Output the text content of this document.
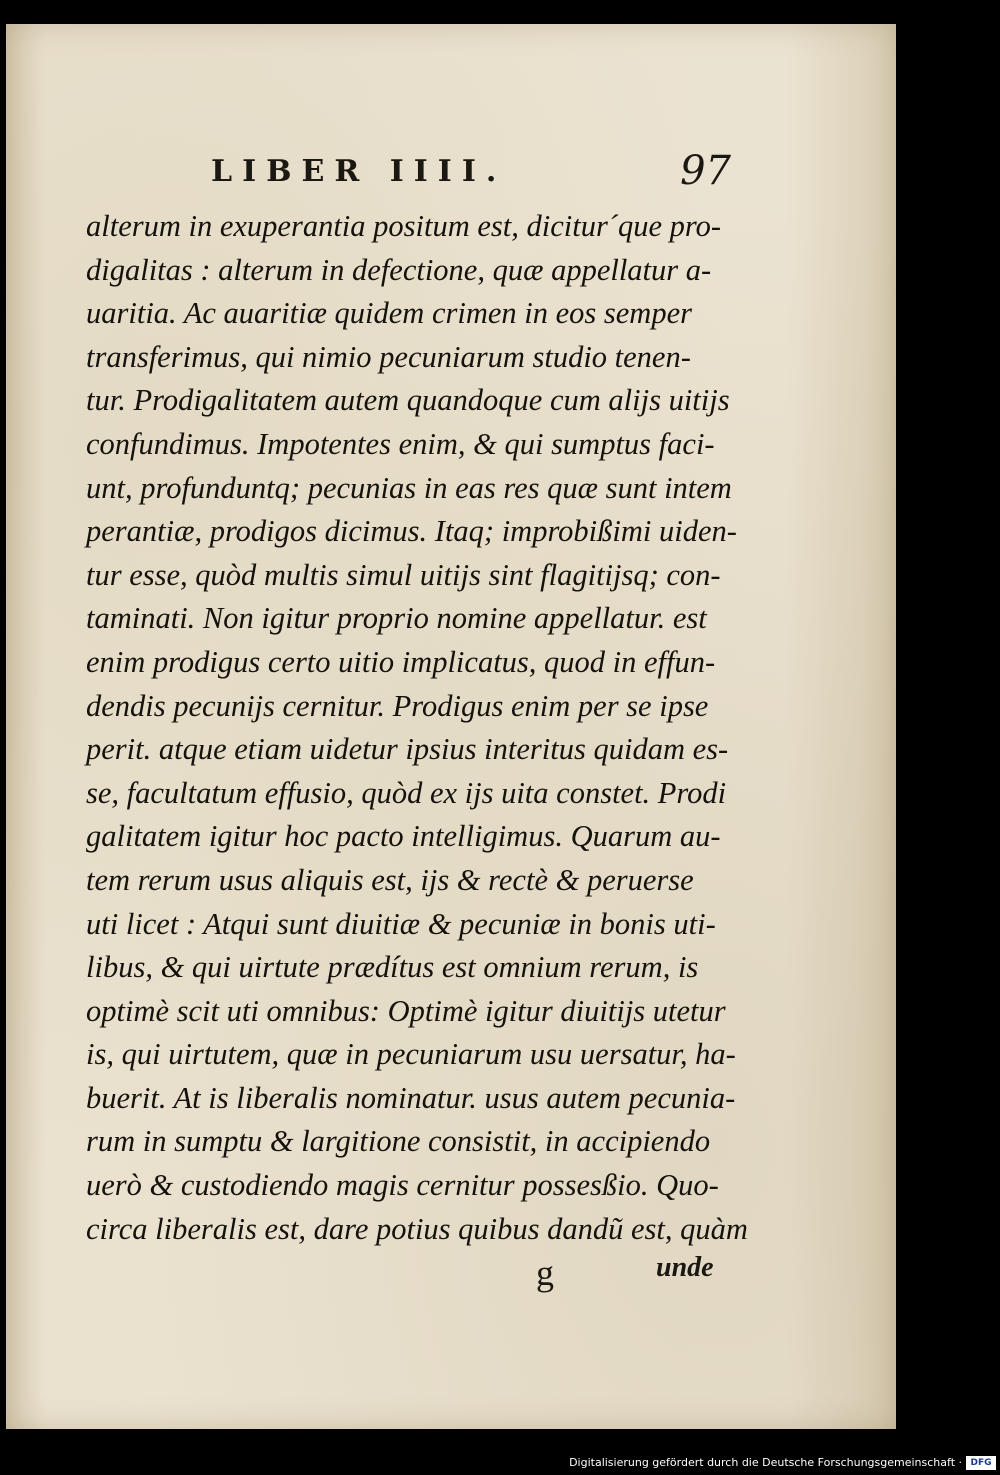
LIBER IIII.	97
alterum in exuperantia positum est, dicitur´que pro-
digalitas : alterum in defectione, quæ appellatur a-
uaritia. Ac auaritiæ quidem crimen in eos semper
transferimus, qui nimio pecuniarum studio tenen-
tur. Prodigalitatem autem quandoque cum alijs uitijs
confundimus. Impotentes enim, & qui sumptus faci-
unt, profunduntq; pecunias in eas res quæ sunt intem
perantiæ, prodigos dicimus. Itaq; improbißimi uiden-
tur esse, quòd multis simul uitijs sint flagitijsq; con-
taminati. Non igitur proprio nomine appellatur. est
enim prodigus certo uitio implicatus, quod in effun-
dendis pecunijs cernitur. Prodigus enim per se ipse
perit. atque etiam uidetur ipsius interitus quidam es-
se, facultatum effusio, quòd ex ijs uita constet. Prodi
galitatem igitur hoc pacto intelligimus. Quarum au-
tem rerum usus aliquis est, ijs & rectè & peruerse
uti licet : Atqui sunt diuitiæ & pecuniæ in bonis uti-
libus, & qui uirtute prædítus est omnium rerum, is
optimè scit uti omnibus: Optimè igitur diuitijs utetur
is, qui uirtutem, quæ in pecuniarum usu uersatur, ha-
buerit. At is liberalis nominatur. usus autem pecunia-
rum in sumptu & largitione consistit, in accipiendo
uerò & custodiendo magis cernitur possesßio. Quo-
circa liberalis est, dare potius quibus dandũ est, quàm
g	unde
Digitalisierung gefördert durch die Deutsche Forschungsgemeinschaft · DFG
